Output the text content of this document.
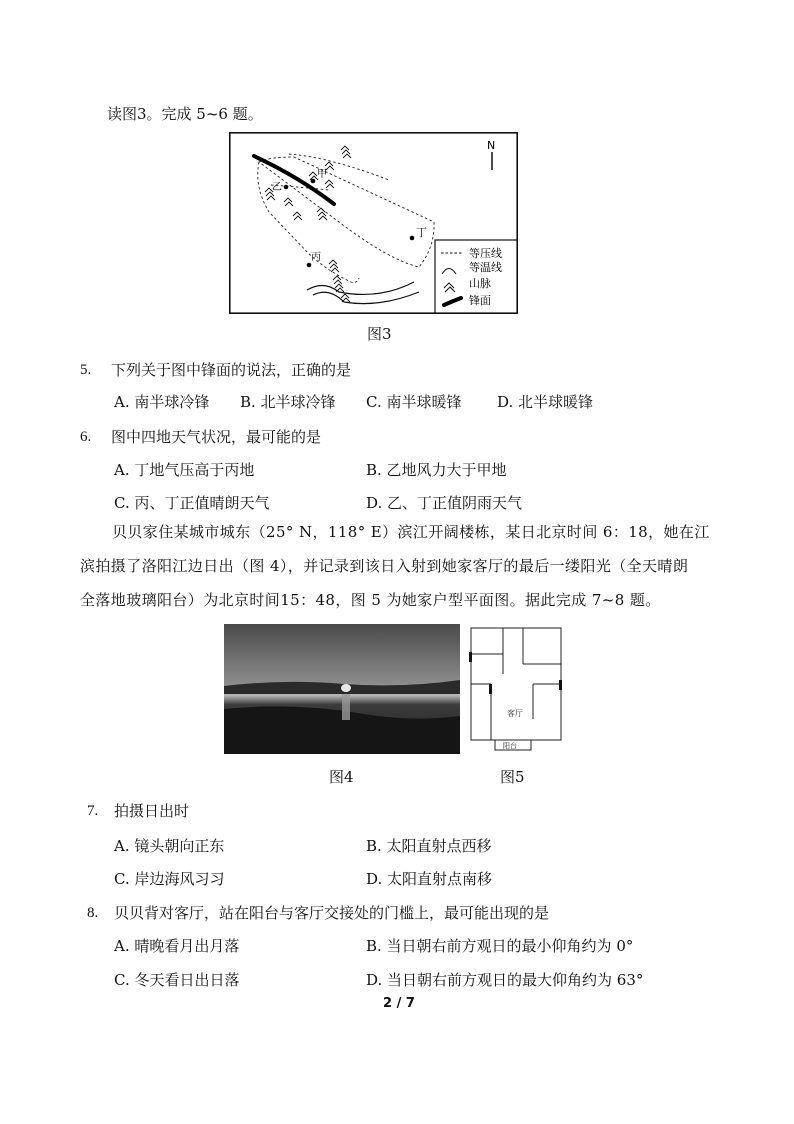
读图3。完成 5~6 题。
N
甲
乙
丙
丁
等压线
等温线
山脉
锋面
图3
5. 下列关于图中锋面的说法，正确的是
A. 南半球冷锋 B. 北半球冷锋 C. 南半球暖锋 D. 北半球暖锋
6. 图中四地天气状况，最可能的是
A. 丁地气压高于丙地	B. 乙地风力大于甲地
C. 丙、丁正值晴朗天气	D. 乙、丁正值阴雨天气
贝贝家住某城市城东（25° N，118° E）滨江开阔楼栋，某日北京时间 6：18，她在江
滨拍摄了洛阳江边日出（图 4），并记录到该日入射到她家客厅的最后一缕阳光（全天晴朗
全落地玻璃阳台）为北京时间15：48，图 5 为她家户型平面图。据此完成 7~8 题。
客厅
阳台
图4	图5
7. 拍摄日出时
A. 镜头朝向正东	B. 太阳直射点西移
C. 岸边海风习习	D. 太阳直射点南移
8. 贝贝背对客厅，站在阳台与客厅交接处的门槛上，最可能出现的是
A. 晴晚看月出月落	B. 当日朝右前方观日的最小仰角约为 0°
C. 冬天看日出日落	D. 当日朝右前方观日的最大仰角约为 63°
2 / 7
